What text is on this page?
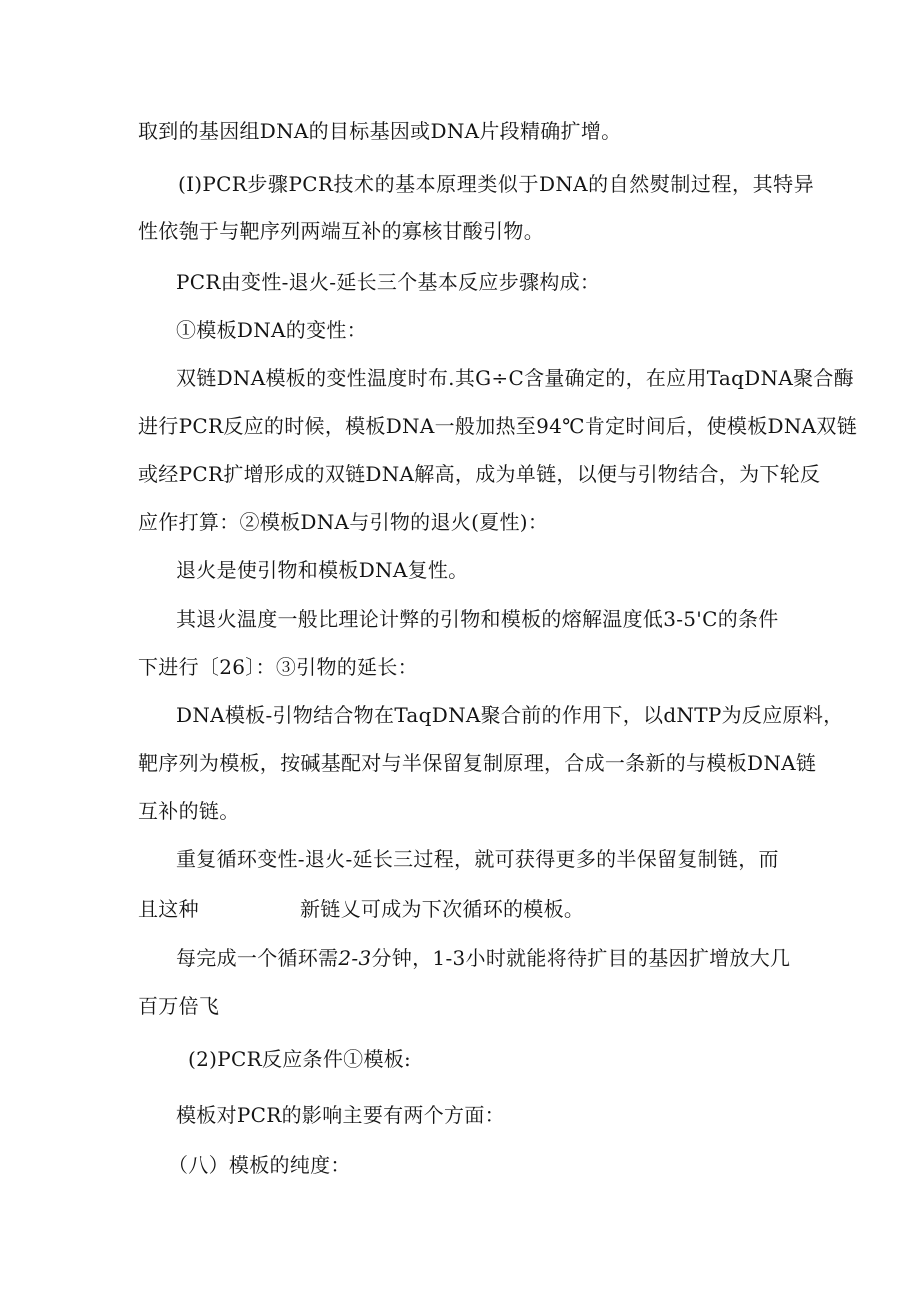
取到的基因组DNA的目标基因或DNA片段精确扩增。
(I)PCR步骤PCR技术的基本原理类似于DNA的自然熨制过程，其特异
性依匏于与靶序列两端互补的寡核甘酸引物。
PCR由变性-退火-延长三个基本反应步骤构成：
①模板DNA的变性：
双链DNA模板的变性温度时布.其G÷C含量确定的，在应用TaqDNA聚合酶
进行PCR反应的时候，模板DNA一般加热至94℃肯定时间后，使模板DNA双链
或经PCR扩增形成的双链DNA解高，成为单链，以便与引物结合，为下轮反
应作打算：②模板DNA与引物的退火(夏性)：
退火是使引物和模板DNA复性。
其退火温度一般比理论计弊的引物和模板的熔解温度低3-5'C的条件
下进行〔26〕：③引物的延长：
DNA模板-引物结合物在TaqDNA聚合前的作用下，以dNTP为反应原料，
靶序列为模板，按碱基配对与半保留复制原理，合成一条新的与模板DNA链
互补的链。
重复循环变性-退火-延长三过程，就可获得更多的半保留复制链，而
且这种	新链乂可成为下次循环的模板。
每完成一个循环需2-3分钟，1-3小时就能将待扩目的基因扩增放大几
百万倍飞
(2)PCR反应条件①模板:
模板对PCR的影响主要有两个方面：
（八）模板的纯度：
